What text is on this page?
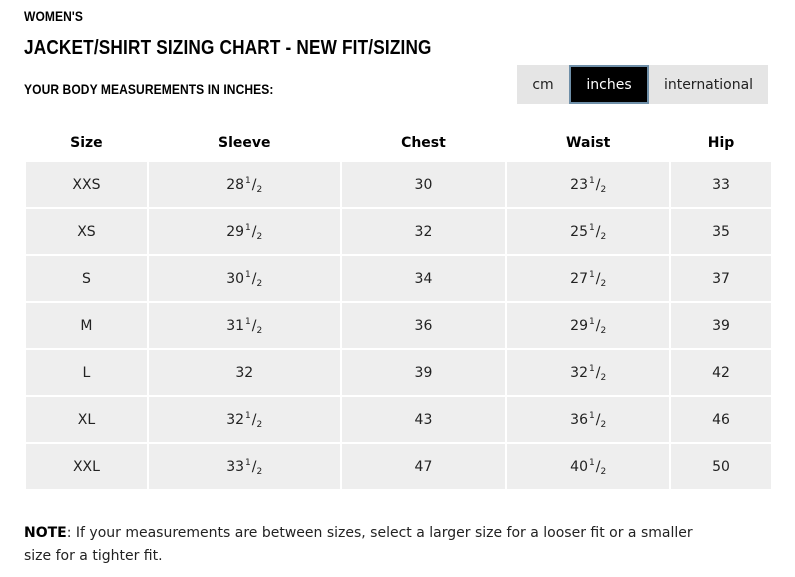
WOMEN'S
JACKET/SHIRT SIZING CHART - NEW FIT/SIZING
YOUR BODY MEASUREMENTS IN INCHES:	cm	inches	international
Size	Sleeve	Chest	Waist	Hip
XXS	$28^1/_2$	30	$23^1/_2$	33
XS	$29^1/_2$	32	$25^1/_2$	35
S	$30^1/_2$	34	$27^1/_2$	37
M	$31^1/_2$	36	$29^1/_2$	39
L	32	39	$32^1/_2$	42
XL	$32^1/_2$	43	$36^1/_2$	46
XXL	$33^1/_2$	47	$40^1/_2$	50
NOTE: If your measurements are between sizes, select a larger size for a looser fit or a smaller size for a tighter fit.
